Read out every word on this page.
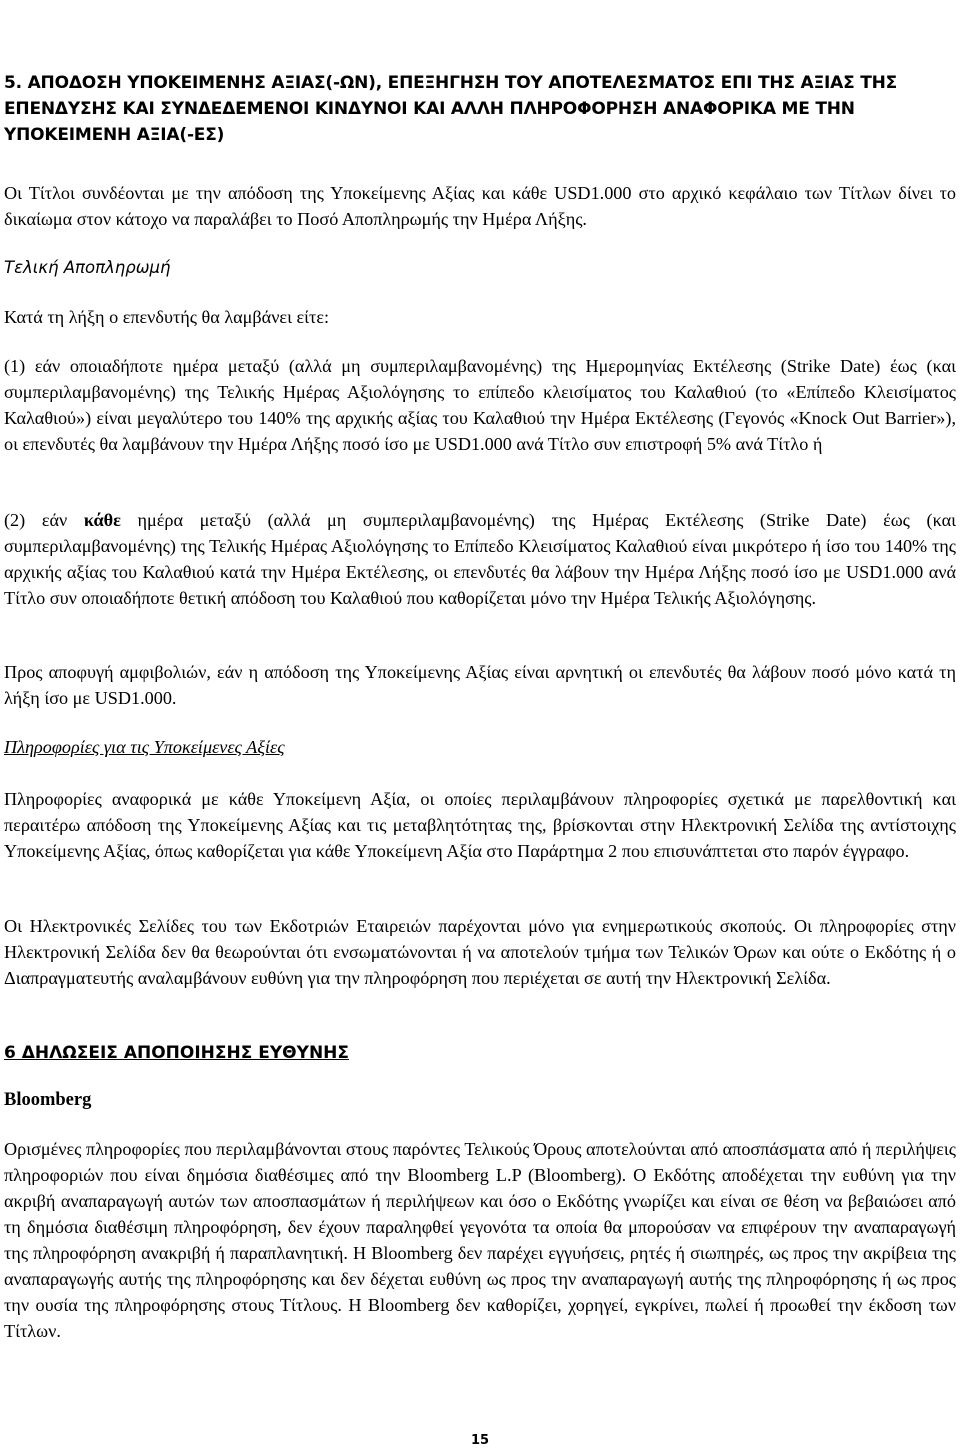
5. ΑΠΟΔΟΣΗ ΥΠΟΚΕΙΜΕΝΗΣ ΑΞΙΑΣ(-ΩΝ), ΕΠΕΞΗΓΗΣΗ ΤΟΥ ΑΠΟΤΕΛΕΣΜΑΤΟΣ ΕΠΙ ΤΗΣ ΑΞΙΑΣ ΤΗΣ ΕΠΕΝΔΥΣΗΣ ΚΑΙ ΣΥΝΔΕΔΕΜΕΝΟΙ ΚΙΝΔΥΝΟΙ ΚΑΙ ΑΛΛΗ ΠΛΗΡΟΦΟΡΗΣΗ ΑΝΑΦΟΡΙΚΑ ΜΕ ΤΗΝ ΥΠΟΚΕΙΜΕΝΗ ΑΞΙΑ(-ΕΣ)
Οι Τίτλοι συνδέονται με την απόδοση της Υποκείμενης Αξίας και κάθε USD1.000 στο αρχικό κεφάλαιο των Τίτλων δίνει το δικαίωμα στον κάτοχο να παραλάβει το Ποσό Αποπληρωμής την Ημέρα Λήξης.
Τελική Αποπληρωμή
Κατά τη λήξη ο επενδυτής θα λαμβάνει είτε:
(1) εάν οποιαδήποτε ημέρα μεταξύ (αλλά μη συμπεριλαμβανομένης) της Ημερομηνίας Εκτέλεσης (Strike Date) έως (και συμπεριλαμβανομένης) της Τελικής Ημέρας Αξιολόγησης το επίπεδο κλεισίματος του Καλαθιού (το «Επίπεδο Κλεισίματος Καλαθιού») είναι μεγαλύτερο του 140% της αρχικής αξίας του Καλαθιού την Ημέρα Εκτέλεσης (Γεγονός «Knock Out Barrier»), οι επενδυτές θα λαμβάνουν την Ημέρα Λήξης ποσό ίσο με USD1.000 ανά Τίτλο συν επιστροφή 5% ανά Τίτλο ή
(2) εάν κάθε ημέρα μεταξύ (αλλά μη συμπεριλαμβανομένης) της Ημέρας Εκτέλεσης (Strike Date) έως (και συμπεριλαμβανομένης) της Τελικής Ημέρας Αξιολόγησης το Επίπεδο Κλεισίματος Καλαθιού είναι μικρότερο ή ίσο του 140% της αρχικής αξίας του Καλαθιού κατά την Ημέρα Εκτέλεσης, οι επενδυτές θα λάβουν την Ημέρα Λήξης ποσό ίσο με USD1.000 ανά Τίτλο συν οποιαδήποτε θετική απόδοση του Καλαθιού που καθορίζεται μόνο την Ημέρα Τελικής Αξιολόγησης.
Προς αποφυγή αμφιβολιών, εάν η απόδοση της Υποκείμενης Αξίας είναι αρνητική οι επενδυτές θα λάβουν ποσό μόνο κατά τη λήξη ίσο με USD1.000.
Πληροφορίες για τις Υποκείμενες Αξίες
Πληροφορίες αναφορικά με κάθε Υποκείμενη Αξία, οι οποίες περιλαμβάνουν πληροφορίες σχετικά με παρελθοντική και περαιτέρω απόδοση της Υποκείμενης Αξίας και τις μεταβλητότητας της, βρίσκονται στην Ηλεκτρονική Σελίδα της αντίστοιχης Υποκείμενης Αξίας, όπως καθορίζεται για κάθε Υποκείμενη Αξία στο Παράρτημα 2 που επισυνάπτεται στο παρόν έγγραφο.
Οι Ηλεκτρονικές Σελίδες του των Εκδοτριών Εταιρειών παρέχονται μόνο για ενημερωτικούς σκοπούς. Οι πληροφορίες στην Ηλεκτρονική Σελίδα δεν θα θεωρούνται ότι ενσωματώνονται ή να αποτελούν τμήμα των Τελικών Όρων και ούτε ο Εκδότης ή ο Διαπραγματευτής αναλαμβάνουν ευθύνη για την πληροφόρηση που περιέχεται σε αυτή την Ηλεκτρονική Σελίδα.
6 ΔΗΛΩΣΕΙΣ ΑΠΟΠΟΙΗΣΗΣ ΕΥΘΥΝΗΣ
Bloomberg
Ορισμένες πληροφορίες που περιλαμβάνονται στους παρόντες Τελικούς Όρους αποτελούνται από αποσπάσματα από ή περιλήψεις πληροφοριών που είναι δημόσια διαθέσιμες από την Bloomberg L.P (Bloomberg). Ο Εκδότης αποδέχεται την ευθύνη για την ακριβή αναπαραγωγή αυτών των αποσπασμάτων ή περιλήψεων και όσο ο Εκδότης γνωρίζει και είναι σε θέση να βεβαιώσει από τη δημόσια διαθέσιμη πληροφόρηση, δεν έχουν παραληφθεί γεγονότα τα οποία θα μπορούσαν να επιφέρουν την αναπαραγωγή της πληροφόρηση ανακριβή ή παραπλανητική. Η Bloomberg δεν παρέχει εγγυήσεις, ρητές ή σιωπηρές, ως προς την ακρίβεια της αναπαραγωγής αυτής της πληροφόρησης και δεν δέχεται ευθύνη ως προς την αναπαραγωγή αυτής της πληροφόρησης ή ως προς την ουσία της πληροφόρησης στους Τίτλους. Η Bloomberg δεν καθορίζει, χορηγεί, εγκρίνει, πωλεί ή προωθεί την έκδοση των Τίτλων.
15
